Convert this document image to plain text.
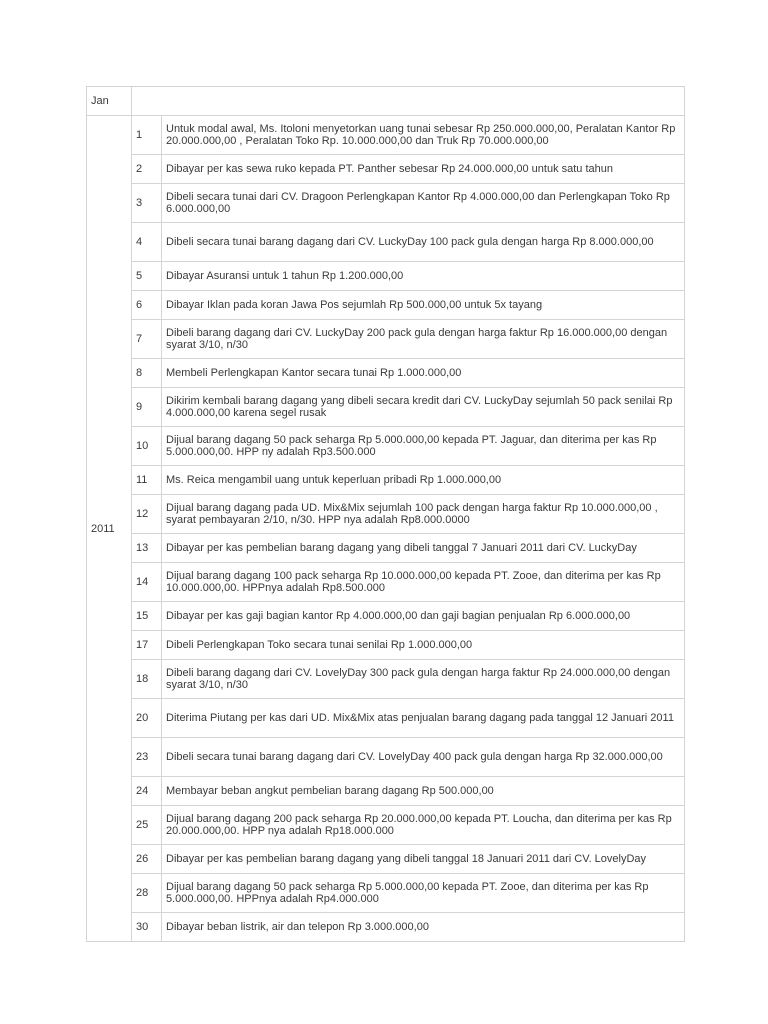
Jan		
2011	1	Untuk modal awal, Ms. Itoloni menyetorkan uang tunai sebesar Rp 250.000.000,00, Peralatan Kantor Rp 20.000.000,00 , Peralatan Toko Rp. 10.000.000,00 dan Truk Rp 70.000.000,00
	2	Dibayar per kas sewa ruko kepada PT. Panther sebesar Rp 24.000.000,00 untuk satu tahun
	3	Dibeli secara tunai dari CV. Dragoon Perlengkapan Kantor Rp 4.000.000,00 dan Perlengkapan Toko Rp 6.000.000,00
	4	Dibeli secara tunai barang dagang dari CV. LuckyDay 100 pack gula dengan harga Rp 8.000.000,00
	5	Dibayar Asuransi untuk 1 tahun Rp 1.200.000,00
	6	Dibayar Iklan pada koran Jawa Pos sejumlah Rp 500.000,00 untuk 5x tayang
	7	Dibeli barang dagang dari CV. LuckyDay 200 pack gula dengan harga faktur Rp 16.000.000,00 dengan syarat 3/10, n/30
	8	Membeli Perlengkapan Kantor secara tunai Rp 1.000.000,00
	9	Dikirim kembali barang dagang yang dibeli secara kredit dari CV. LuckyDay sejumlah 50 pack senilai Rp 4.000.000,00 karena segel rusak
	10	Dijual barang dagang 50 pack seharga Rp 5.000.000,00 kepada PT. Jaguar, dan diterima per kas Rp 5.000.000,00. HPP ny adalah Rp3.500.000
	11	Ms. Reica mengambil uang untuk keperluan pribadi Rp 1.000.000,00
	12	Dijual barang dagang pada UD. Mix&Mix sejumlah 100 pack dengan harga faktur Rp 10.000.000,00 , syarat pembayaran 2/10, n/30. HPP nya adalah Rp8.000.0000
	13	Dibayar per kas pembelian barang dagang yang dibeli tanggal 7 Januari 2011 dari CV. LuckyDay
	14	Dijual barang dagang 100 pack seharga Rp 10.000.000,00 kepada PT. Zooe, dan diterima per kas Rp 10.000.000,00. HPPnya adalah Rp8.500.000
	15	Dibayar per kas gaji bagian kantor Rp 4.000.000,00 dan gaji bagian penjualan Rp 6.000.000,00
	17	Dibeli Perlengkapan Toko secara tunai senilai Rp 1.000.000,00
	18	Dibeli barang dagang dari CV. LovelyDay 300 pack gula dengan harga faktur Rp 24.000.000,00 dengan syarat 3/10, n/30
	20	Diterima Piutang per kas dari UD. Mix&Mix atas penjualan barang dagang pada tanggal 12 Januari 2011
	23	Dibeli secara tunai barang dagang dari CV. LovelyDay 400 pack gula dengan harga Rp 32.000.000,00
	24	Membayar beban angkut pembelian barang dagang Rp 500.000,00
	25	Dijual barang dagang 200 pack seharga Rp 20.000.000,00 kepada PT. Loucha, dan diterima per kas Rp 20.000.000,00. HPP nya adalah Rp18.000.000
	26	Dibayar per kas pembelian barang dagang yang dibeli tanggal 18 Januari 2011 dari CV. LovelyDay
	28	Dijual barang dagang 50 pack seharga Rp 5.000.000,00 kepada PT. Zooe, dan diterima per kas Rp 5.000.000,00. HPPnya adalah Rp4.000.000
	30	Dibayar beban listrik, air dan telepon Rp 3.000.000,00
